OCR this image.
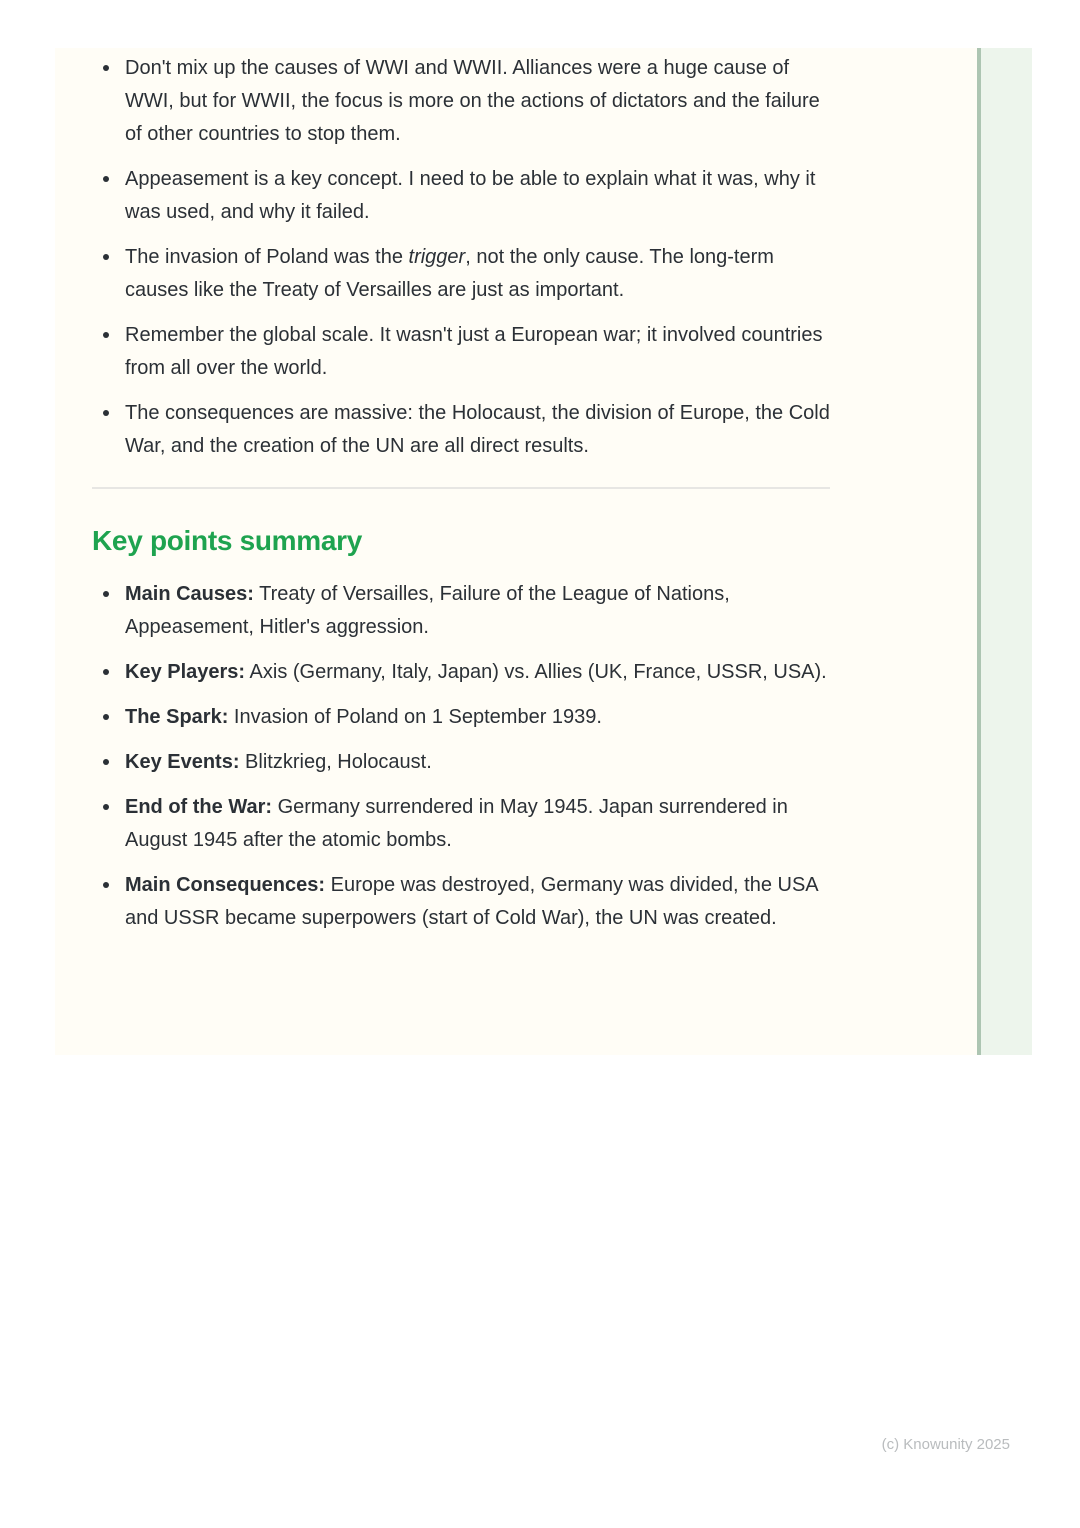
Don't mix up the causes of WWI and WWII. Alliances were a huge cause of WWI, but for WWII, the focus is more on the actions of dictators and the failure of other countries to stop them.
Appeasement is a key concept. I need to be able to explain what it was, why it was used, and why it failed.
The invasion of Poland was the trigger, not the only cause. The long-term causes like the Treaty of Versailles are just as important.
Remember the global scale. It wasn't just a European war; it involved countries from all over the world.
The consequences are massive: the Holocaust, the division of Europe, the Cold War, and the creation of the UN are all direct results.
Key points summary
Main Causes: Treaty of Versailles, Failure of the League of Nations, Appeasement, Hitler's aggression.
Key Players: Axis (Germany, Italy, Japan) vs. Allies (UK, France, USSR, USA).
The Spark: Invasion of Poland on 1 September 1939.
Key Events: Blitzkrieg, Holocaust.
End of the War: Germany surrendered in May 1945. Japan surrendered in August 1945 after the atomic bombs.
Main Consequences: Europe was destroyed, Germany was divided, the USA and USSR became superpowers (start of Cold War), the UN was created.
(c) Knowunity 2025
